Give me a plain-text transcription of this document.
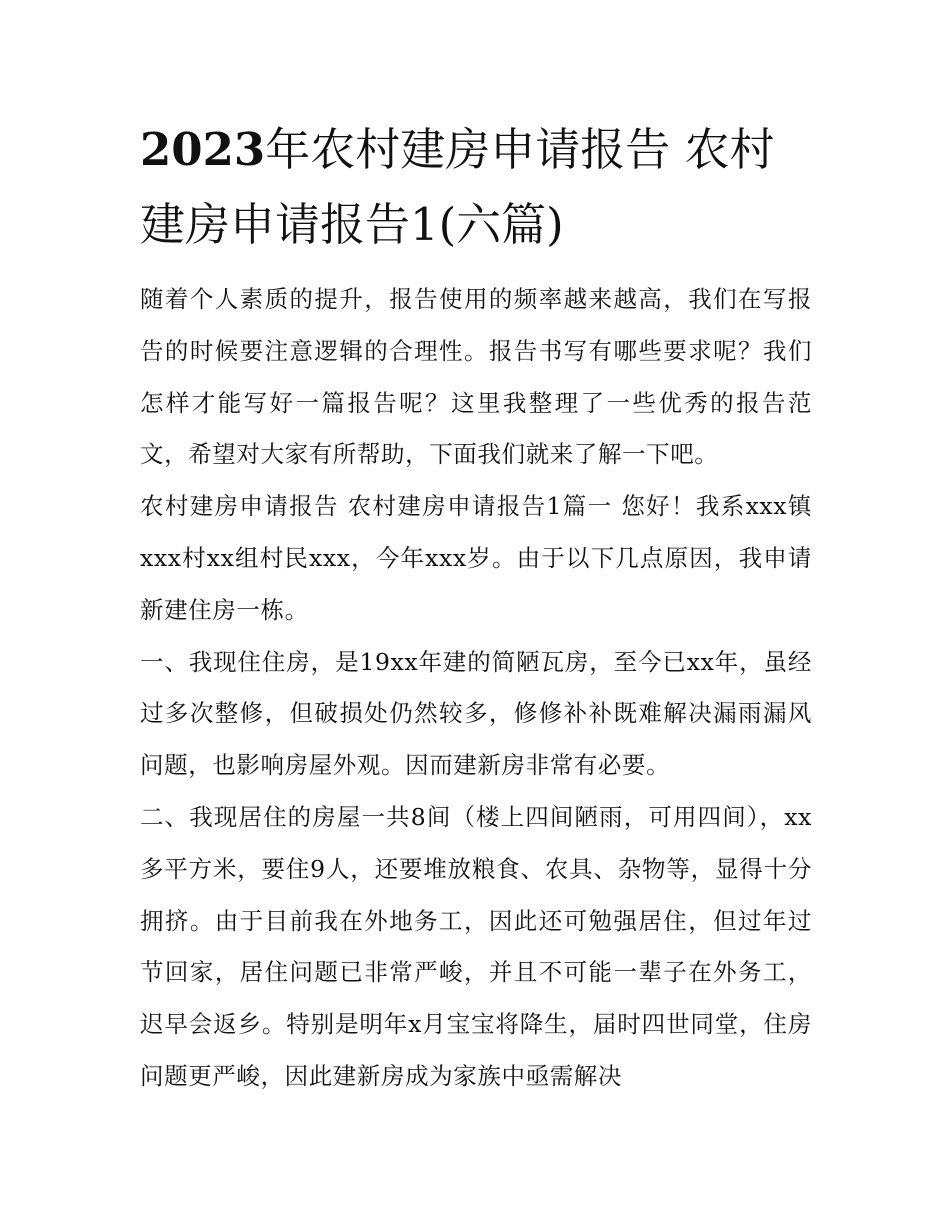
2023年农村建房申请报告 农村建房申请报告1(六篇)

随着个人素质的提升，报告使用的频率越来越高，我们在写报告的时候要注意逻辑的合理性。报告书写有哪些要求呢？我们怎样才能写好一篇报告呢？这里我整理了一些优秀的报告范文，希望对大家有所帮助，下面我们就来了解一下吧。

农村建房申请报告 农村建房申请报告1篇一 您好！我系xxx镇xxx村xx组村民xxx，今年xxx岁。由于以下几点原因，我申请新建住房一栋。

一、我现住住房，是19xx年建的简陋瓦房，至今已xx年，虽经过多次整修，但破损处仍然较多，修修补补既难解决漏雨漏风问题，也影响房屋外观。因而建新房非常有必要。

二、我现居住的房屋一共8间（楼上四间陋雨，可用四间），xx多平方米，要住9人，还要堆放粮食、农具、杂物等，显得十分拥挤。由于目前我在外地务工，因此还可勉强居住，但过年过节回家，居住问题已非常严峻，并且不可能一辈子在外务工，迟早会返乡。特别是明年x月宝宝将降生，届时四世同堂，住房问题更严峻，因此建新房成为家族中亟需解决
